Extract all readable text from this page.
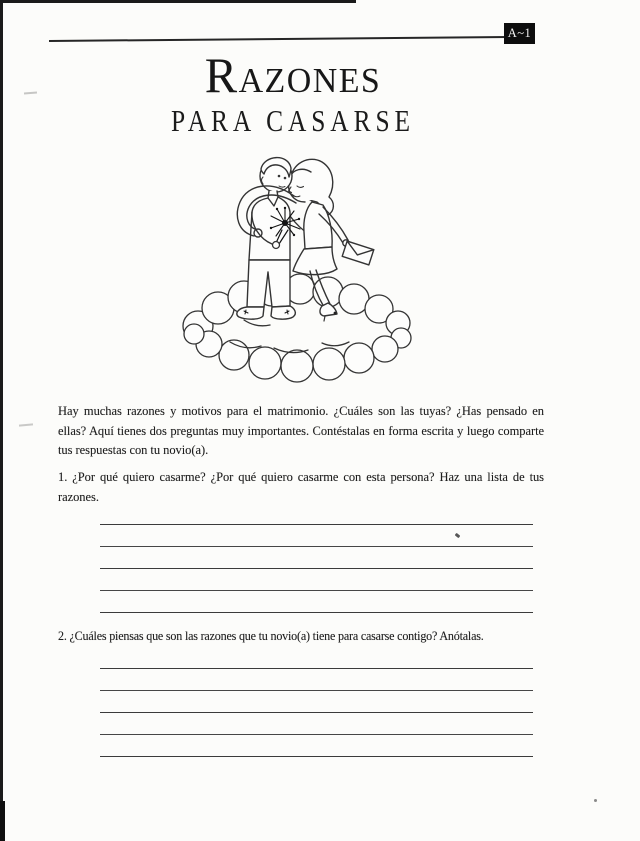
A~1
Razones
PARA CASARSE

Hay muchas razones y motivos para el matrimonio. ¿Cuáles son las tuyas? ¿Has pensado en ellas? Aquí tienes dos preguntas muy importantes. Contéstalas en forma escrita y luego comparte tus respuestas con tu novio(a).

1. ¿Por qué quiero casarme? ¿Por qué quiero casarme con esta persona? Haz una lista de tus razones.

2. ¿Cuáles piensas que son las razones que tu novio(a) tiene para casarse contigo? Anótalas.
